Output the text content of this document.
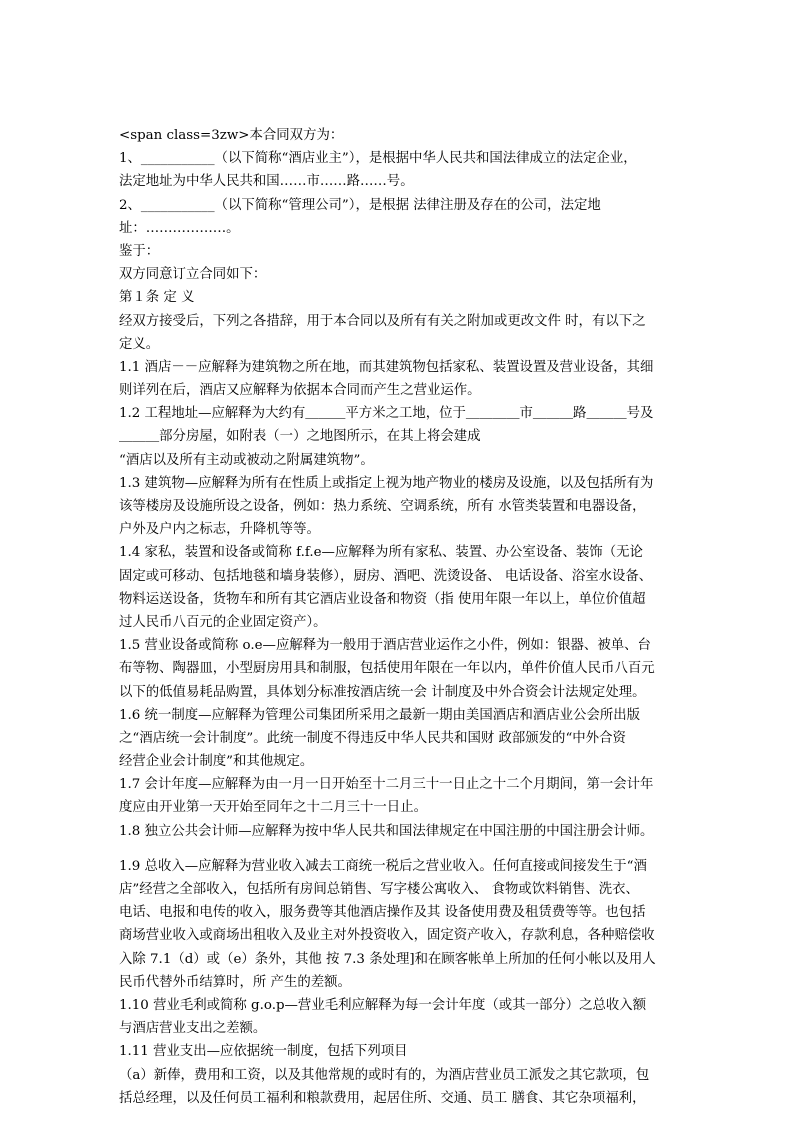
<span class=3zw>本合同双方为：
1、___________（以下简称“酒店业主”），是根据中华人民共和国法律成立的法定企业，
法定地址为中华人民共和国……市……路……号。
2、___________（以下简称“管理公司”），是根据 法律注册及存在的公司，法定地
址：………………。
鉴于：
双方同意订立合同如下：
第１条 定 义
经双方接受后，下列之各措辞，用于本合同以及所有有关之附加或更改文件 时，有以下之
定义。
1.1 酒店－－应解释为建筑物之所在地，而其建筑物包括家私、装置设置及营业设备，其细
则详列在后，酒店又应解释为依据本合同而产生之营业运作。
1.2 工程地址—应解释为大约有＿＿＿平方米之工地，位于＿＿＿＿市＿＿＿路＿＿＿号及
＿＿＿部分房屋，如附表（一）之地图所示，在其上将会建成
“酒店以及所有主动或被动之附属建筑物”。
1.3 建筑物—应解释为所有在性质上或指定上视为地产物业的楼房及设施，以及包括所有为
该等楼房及设施所设之设备，例如：热力系统、空调系统，所有 水管类装置和电器设备，
户外及户内之标志，升降机等等。
1.4 家私，装置和设备或简称 f.f.e—应解释为所有家私、装置、办公室设备、装饰（无论
固定或可移动、包括地毯和墙身装修），厨房、酒吧、洗烫设备、 电话设备、浴室水设备、
物料运送设备，货物车和所有其它酒店业设备和物资（指 使用年限一年以上，单位价值超
过人民币八百元的企业固定资产）。
1.5 营业设备或简称 o.e—应解释为一般用于酒店营业运作之小件，例如：银器、被单、台
布等物、陶器皿，小型厨房用具和制服，包括使用年限在一年以内，单件价值人民币八百元
以下的低值易耗品购置，具体划分标准按酒店统一会 计制度及中外合资会计法规定处理。
1.6 统一制度—应解释为管理公司集团所采用之最新一期由美国酒店和酒店业公会所出版
之“酒店统一会计制度”。此统一制度不得违反中华人民共和国财 政部颁发的“中外合资
经营企业会计制度”和其他规定。
1.7 会计年度—应解释为由一月一日开始至十二月三十一日止之十二个月期间，第一会计年
度应由开业第一天开始至同年之十二月三十一日止。
1.8 独立公共会计师—应解释为按中华人民共和国法律规定在中国注册的中国注册会计师。
1.9 总收入—应解释为营业收入减去工商统一税后之营业收入。任何直接或间接发生于“酒
店”经营之全部收入，包括所有房间总销售、写字楼公寓收入、 食物或饮料销售、洗衣、
电话、电报和电传的收入，服务费等其他酒店操作及其 设备使用费及租赁费等等。也包括
商场营业收入或商场出租收入及业主对外投资收入，固定资产收入，存款利息，各种赔偿收
入除 7.1（d）或（e）条外，其他 按 7.3 条处理]和在顾客帐单上所加的任何小帐以及用人
民币代替外币结算时，所 产生的差额。
1.10 营业毛利或简称 g.o.p—营业毛利应解释为每一会计年度（或其一部分）之总收入额
与酒店营业支出之差额。
1.11 营业支出—应依据统一制度，包括下列项目
（a）新俸，费用和工资，以及其他常规的或时有的，为酒店营业员工派发之其它款项，包
括总经理，以及任何员工福利和粮款费用，起居住所、交通、员工 膳食、其它杂项福利，
